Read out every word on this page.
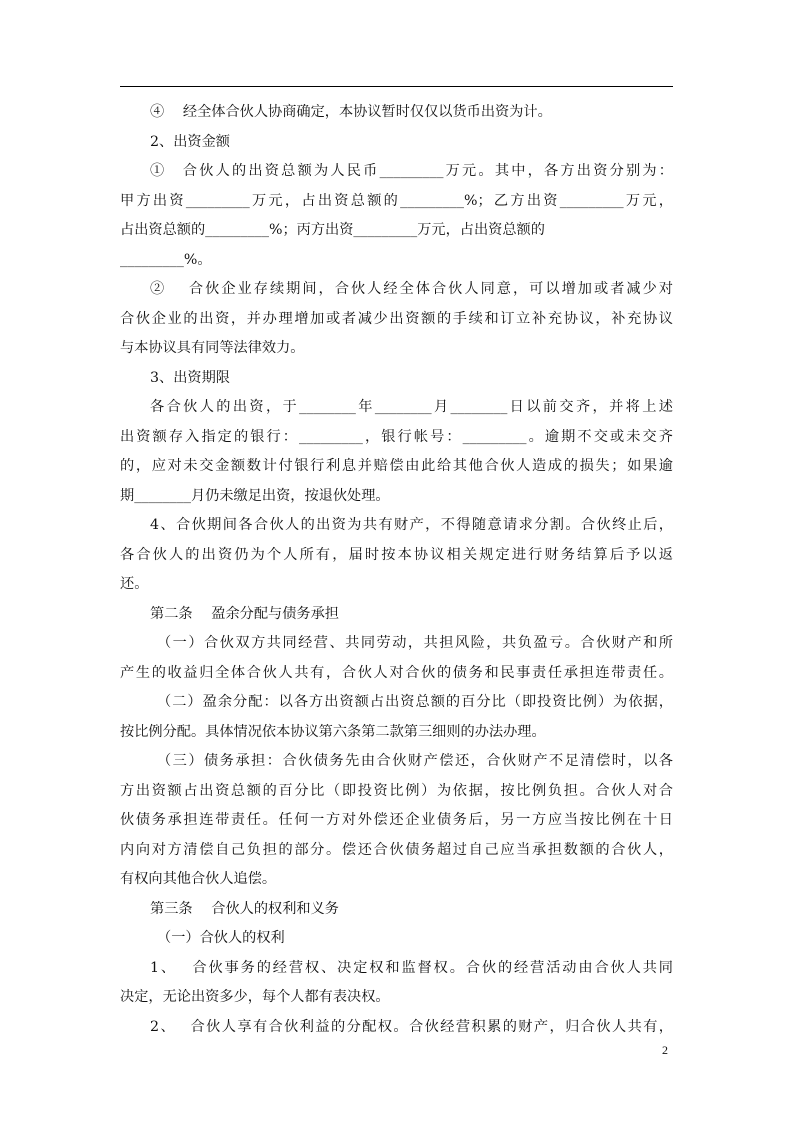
④　 经全体合伙人协商确定，本协议暂时仅仅以货币出资为计。
2、出资金额
①　合伙人的出资总额为人民币_________万元。其中，各方出资分别为：
甲方出资_________万元，占出资总额的_________%；乙方出资_________万元，
占出资总额的_________%；丙方出资_________万元，占出资总额的
_________%。
②　 合伙企业存续期间，合伙人经全体合伙人同意，可以增加或者减少对
合伙企业的出资，并办理增加或者减少出资额的手续和订立补充协议，补充协议
与本协议具有同等法律效力。
3、出资期限
各合伙人的出资，于________年________月________日以前交齐，并将上述
出资额存入指定的银行：_________，银行帐号：_________。逾期不交或未交齐
的，应对未交金额数计付银行利息并赔偿由此给其他合伙人造成的损失；如果逾
期________月仍未缴足出资，按退伙处理。
4、合伙期间各合伙人的出资为共有财产，不得随意请求分割。合伙终止后，
各合伙人的出资仍为个人所有，届时按本协议相关规定进行财务结算后予以返
还。
第二条　 盈余分配与债务承担
（一）合伙双方共同经营、共同劳动，共担风险，共负盈亏。合伙财产和所
产生的收益归全体合伙人共有，合伙人对合伙的债务和民事责任承担连带责任。
（二）盈余分配：以各方出资额占出资总额的百分比（即投资比例）为依据，
按比例分配。具体情况依本协议第六条第二款第三细则的办法办理。
（三）债务承担：合伙债务先由合伙财产偿还，合伙财产不足清偿时，以各
方出资额占出资总额的百分比（即投资比例）为依据，按比例负担。合伙人对合
伙债务承担连带责任。任何一方对外偿还企业债务后，另一方应当按比例在十日
内向对方清偿自己负担的部分。偿还合伙债务超过自己应当承担数额的合伙人，
有权向其他合伙人追偿。
第三条　 合伙人的权利和义务
（一）合伙人的权利
1、　 合伙事务的经营权、决定权和监督权。合伙的经营活动由合伙人共同
决定，无论出资多少，每个人都有表决权。
2、　 合伙人享有合伙利益的分配权。合伙经营积累的财产，归合伙人共有，
2
